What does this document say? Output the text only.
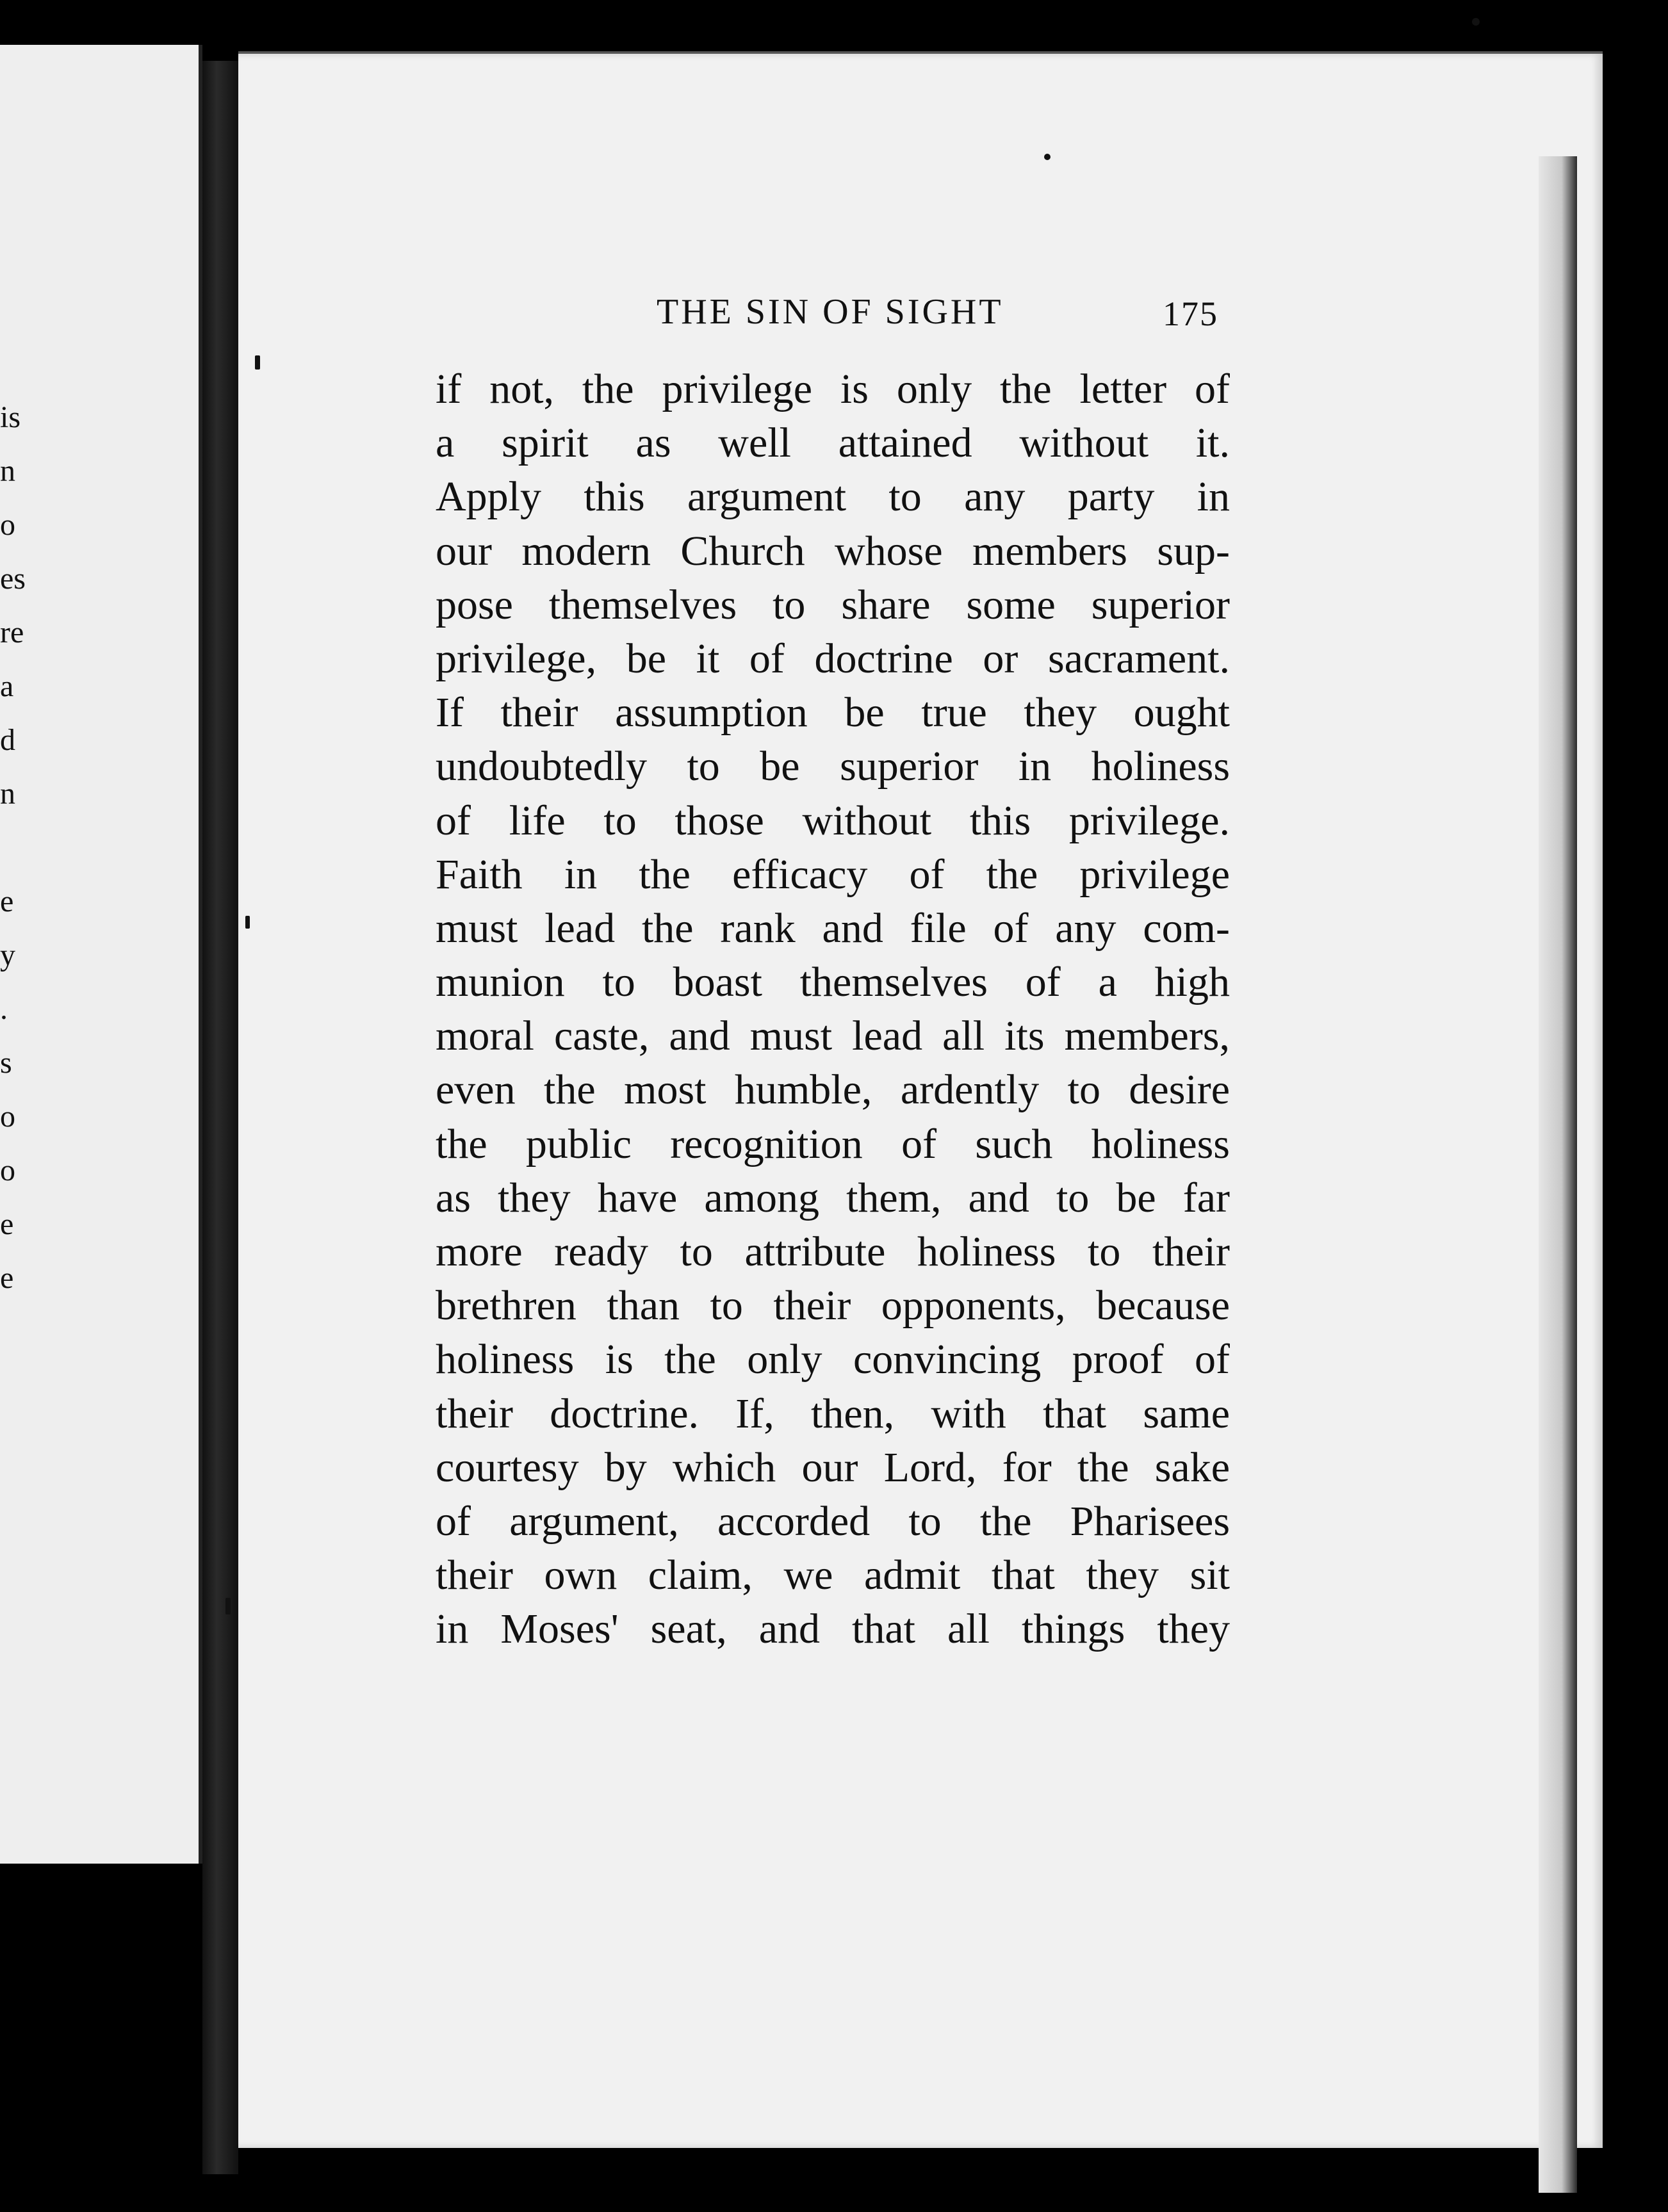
is
n
o
es
re
a
d
n
e
y
.
s
o
o
e
e
THE SIN OF SIGHT	175
if not, the privilege is only the letter of
a spirit as well attained without it.
Apply this argument to any party in
our modern Church whose members sup-
pose themselves to share some superior
privilege, be it of doctrine or sacrament.
If their assumption be true they ought
undoubtedly to be superior in holiness
of life to those without this privilege.
Faith in the efficacy of the privilege
must lead the rank and file of any com-
munion to boast themselves of a high
moral caste, and must lead all its members,
even the most humble, ardently to desire
the public recognition of such holiness
as they have among them, and to be far
more ready to attribute holiness to their
brethren than to their opponents, because
holiness is the only convincing proof of
their doctrine. If, then, with that same
courtesy by which our Lord, for the sake
of argument, accorded to the Pharisees
their own claim, we admit that they sit
in Moses' seat, and that all things they
